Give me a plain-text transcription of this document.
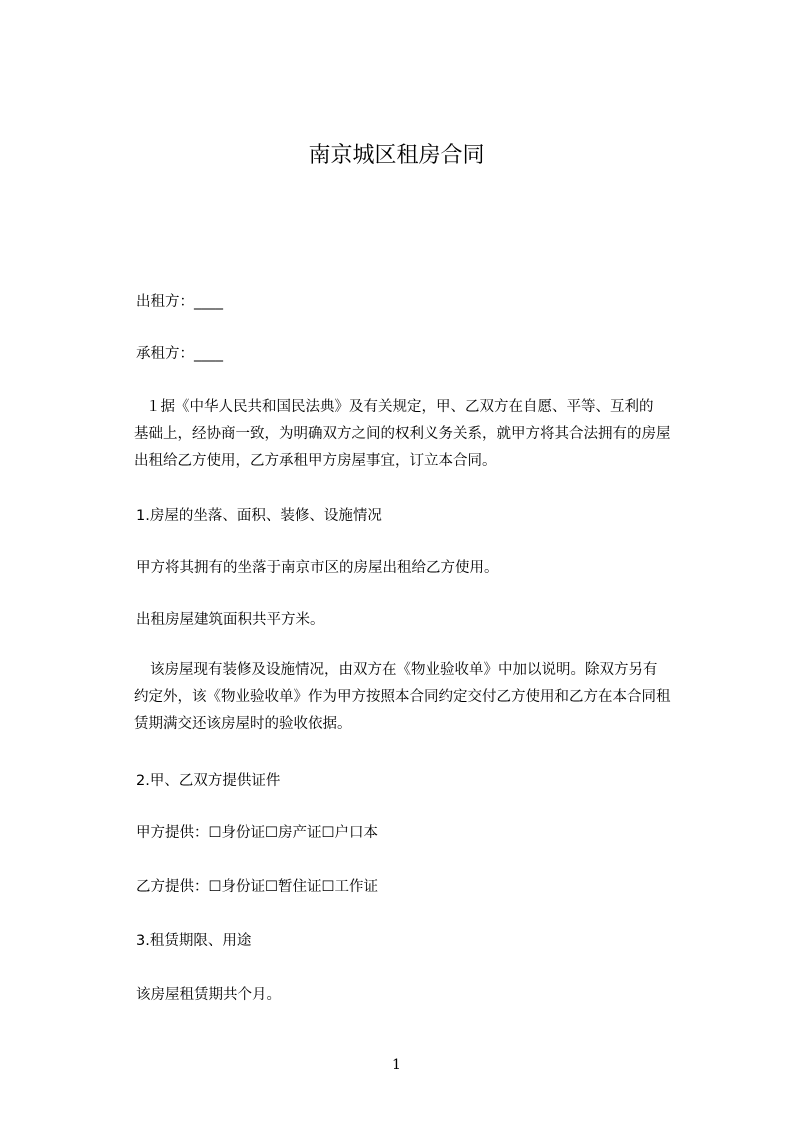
南京城区租房合同
出租方：____
承租方：____
１据《中华人民共和国民法典》及有关规定，甲、乙双方在自愿、平等、互利的
基础上，经协商一致，为明确双方之间的权利义务关系，就甲方将其合法拥有的房屋
出租给乙方使用，乙方承租甲方房屋事宜，订立本合同。
1.房屋的坐落、面积、装修、设施情况
甲方将其拥有的坐落于南京市区的房屋出租给乙方使用。
出租房屋建筑面积共平方米。
该房屋现有装修及设施情况，由双方在《物业验收单》中加以说明。除双方另有
约定外，该《物业验收单》作为甲方按照本合同约定交付乙方使用和乙方在本合同租
赁期满交还该房屋时的验收依据。
2.甲、乙双方提供证件
甲方提供：☐身份证☐房产证☐户口本
乙方提供：☐身份证☐暂住证☐工作证
3.租赁期限、用途
该房屋租赁期共个月。
1
